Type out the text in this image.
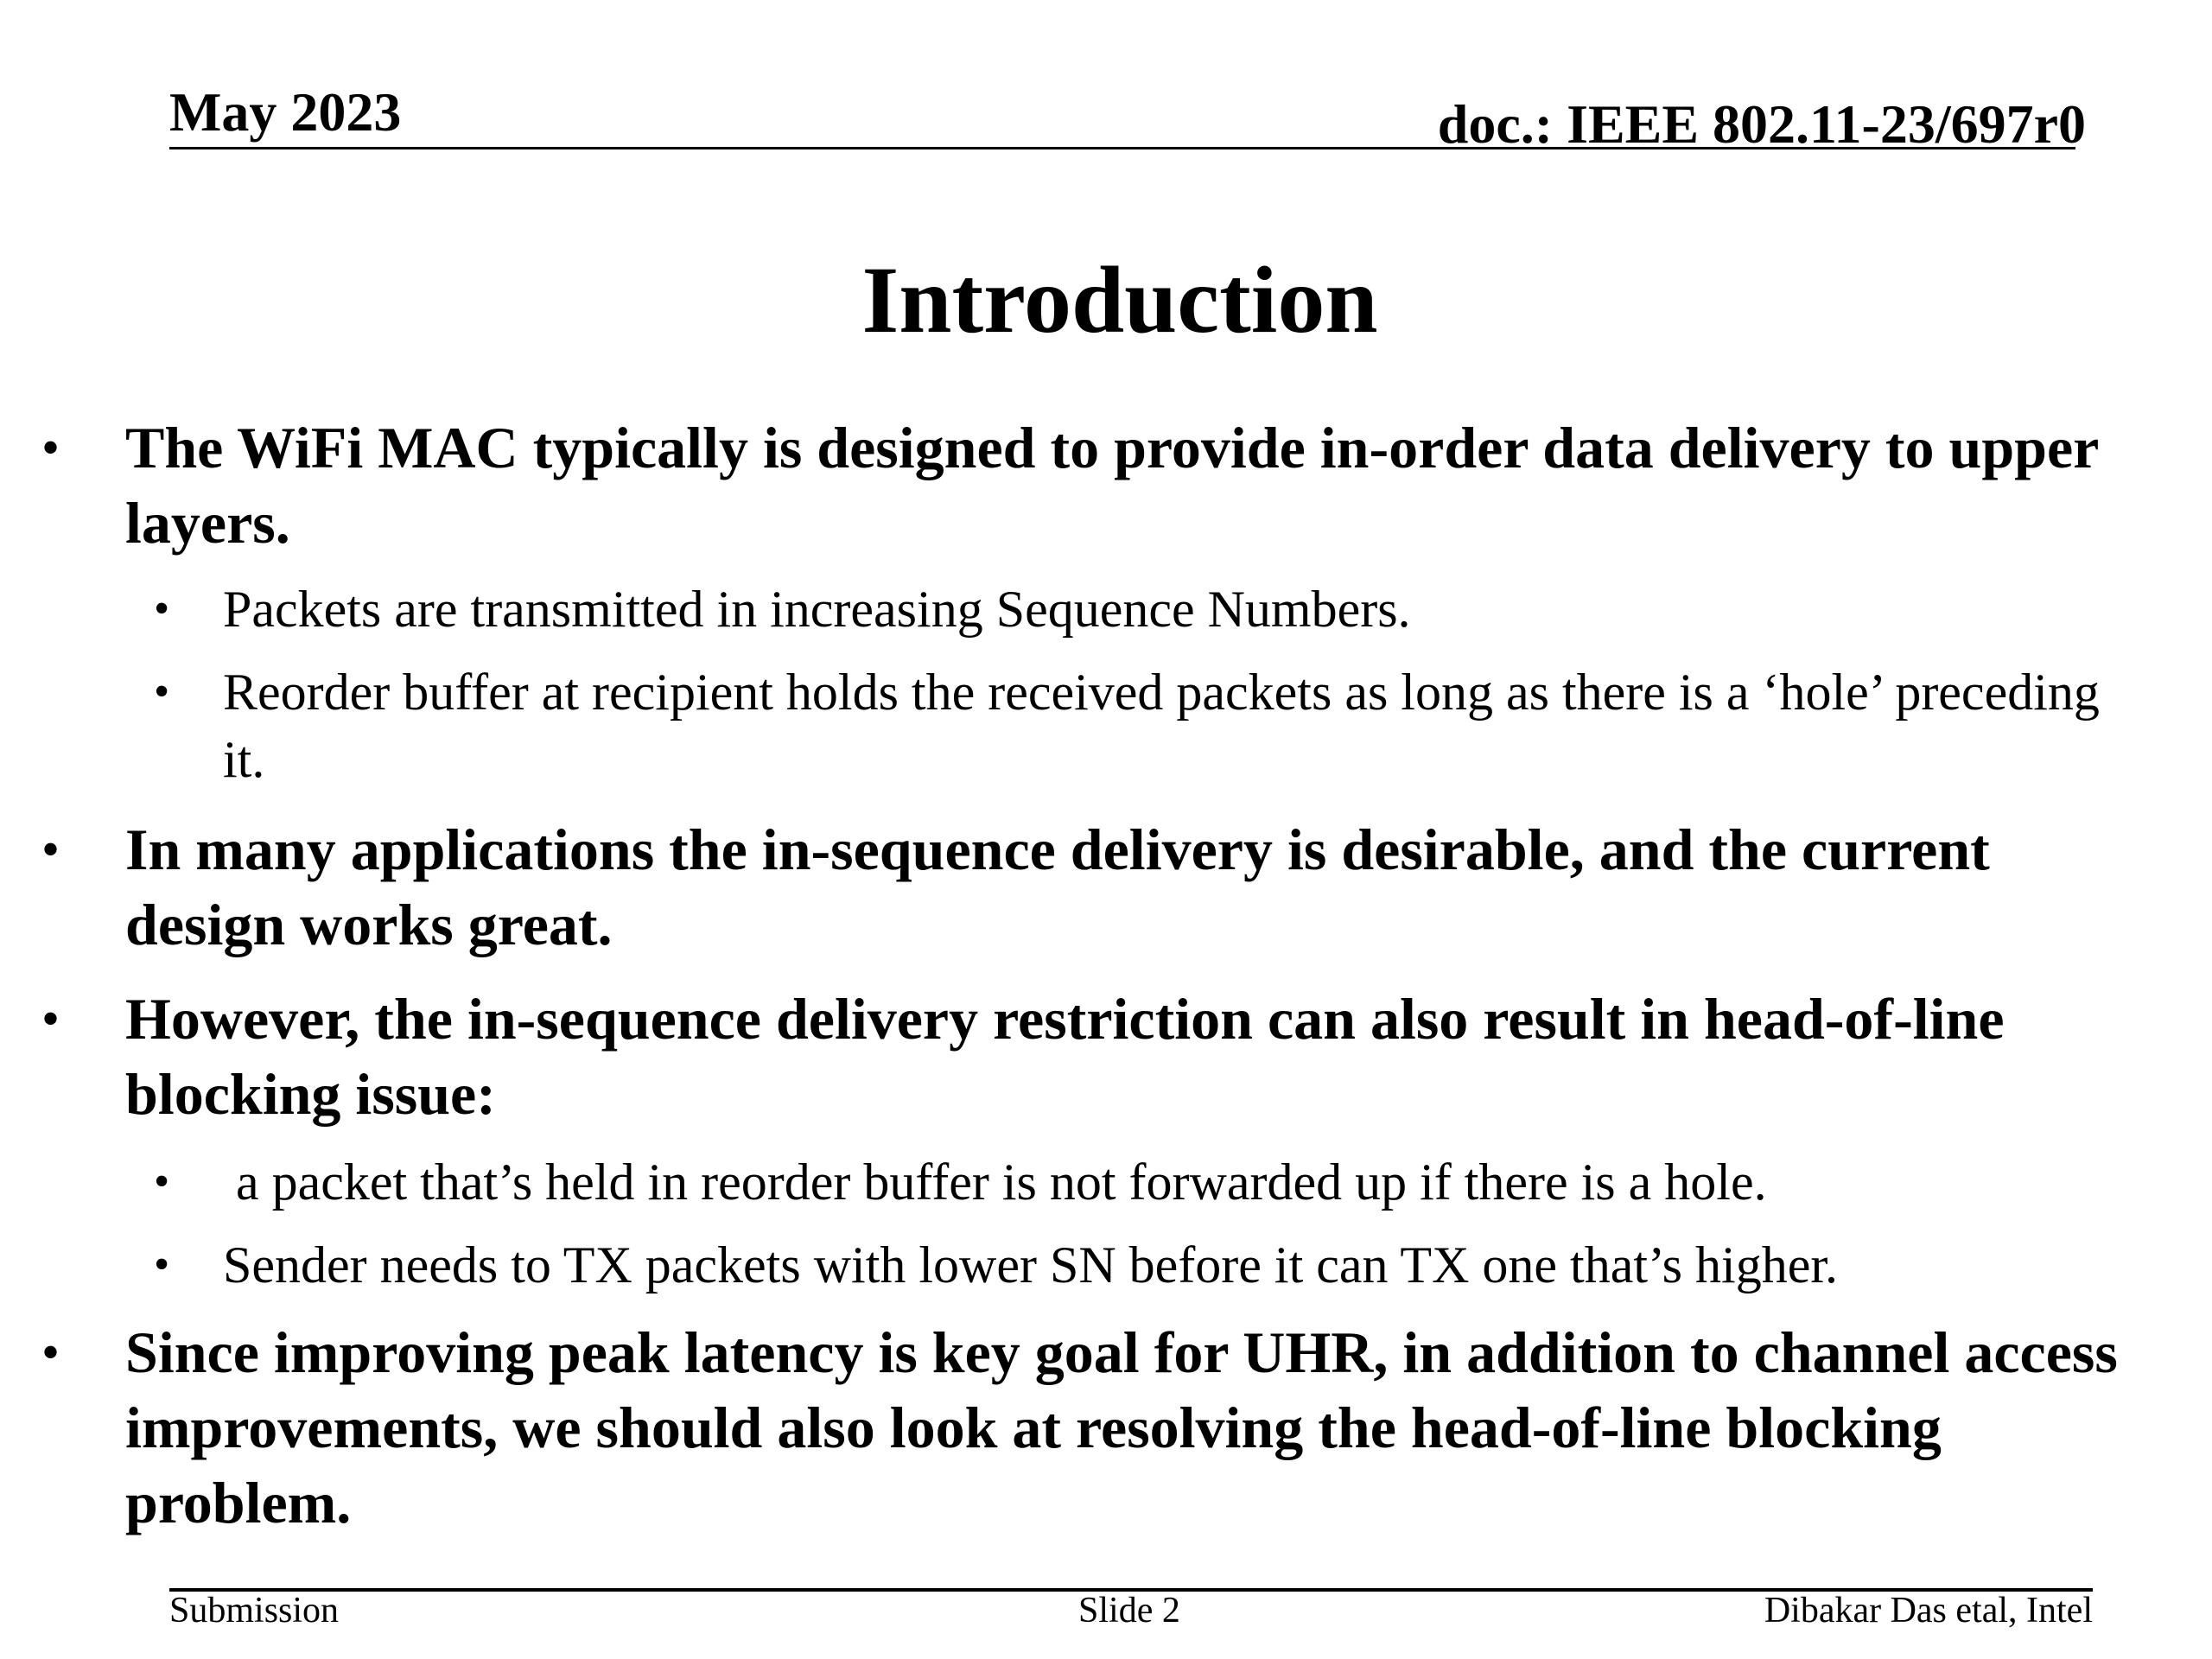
May 2023	doc.: IEEE 802.11-23/697r0
Introduction
• The WiFi MAC typically is designed to provide in-order data delivery to upper layers.
• Packets are transmitted in increasing Sequence Numbers.
• Reorder buffer at recipient holds the received packets as long as there is a ‘hole’ preceding it.
• In many applications the in-sequence delivery is desirable, and the current design works great.
• However, the in-sequence delivery restriction can also result in head-of-line blocking issue:
• a packet that’s held in reorder buffer is not forwarded up if there is a hole.
• Sender needs to TX packets with lower SN before it can TX one that’s higher.
• Since improving peak latency is key goal for UHR, in addition to channel access improvements, we should also look at resolving the head-of-line blocking problem.
Submission	Slide 2	Dibakar Das etal, Intel
